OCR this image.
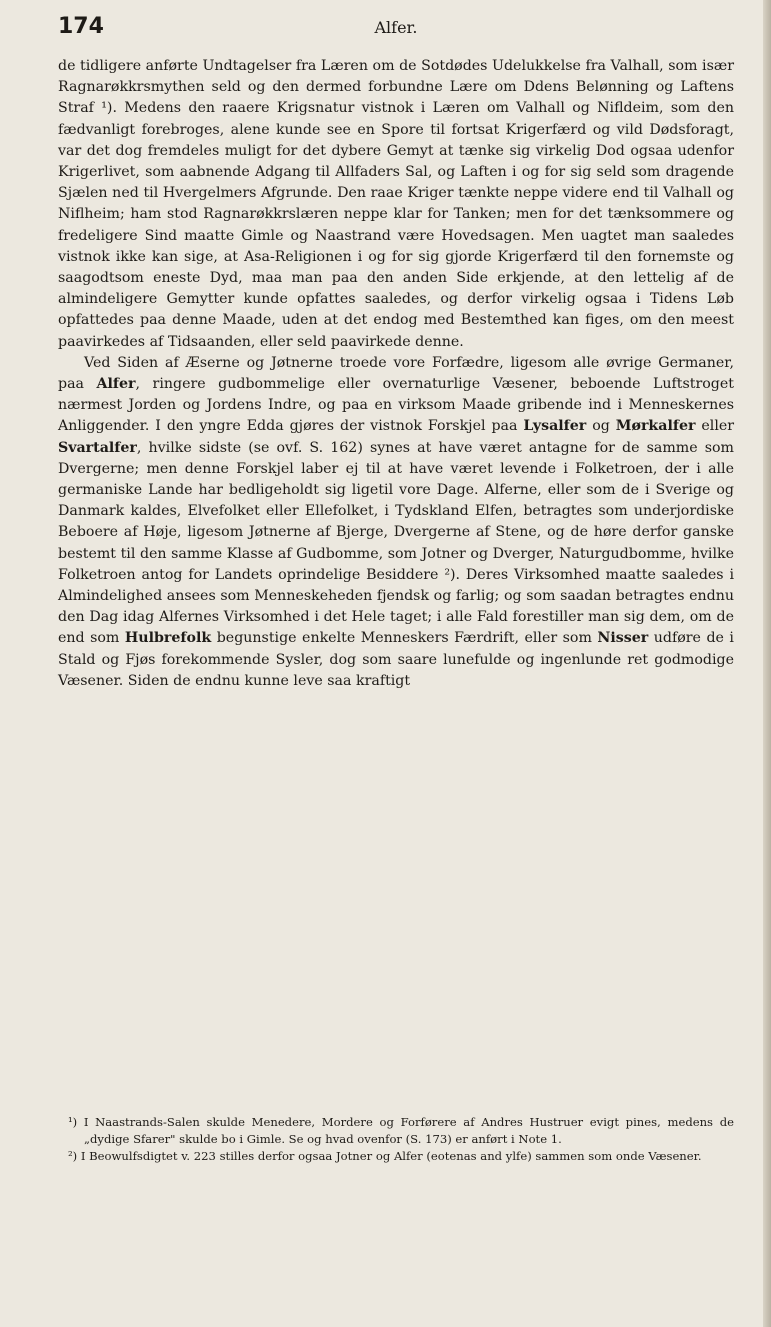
174	Alfer.

de tidligere anførte Undtagelser fra Læren om de Sotdødes Udelukkelse fra Valhall, som især Ragnarøkkrsmythen seld og den dermed forbundne Lære om Ddens Belønning og Laftens Straf ¹). Medens den raaere Krigsnatur vistnok i Læren om Valhall og Nifldeim, som den fædvanligt forebroges, alene kunde see en Spore til fortsat Krigerfærd og vild Dødsforagt, var det dog fremdeles muligt for det dybere Gemyt at tænke sig virkelig Dod ogsaa udenfor Krigerlivet, som aabnende Adgang til Allfaders Sal, og Laften i og for sig seld som dragende Sjælen ned til Hvergelmers Afgrunde. Den raae Kriger tænkte neppe videre end til Valhall og Niflheim; ham stod Ragnarøkkrslæren neppe klar for Tanken; men for det tænksommere og fredeligere Sind maatte Gimle og Naastrand være Hovedsagen. Men uagtet man saaledes vistnok ikke kan sige, at Asa-Religionen i og for sig gjorde Krigerfærd til den fornemste og saagodtsom eneste Dyd, maa man paa den anden Side erkjende, at den lettelig af de almindeligere Gemytter kunde opfattes saaledes, og derfor virkelig ogsaa i Tidens Løb opfattedes paa denne Maade, uden at det endog med Bestemthed kan figes, om den meest paavirkedes af Tidsaanden, eller seld paavirkede denne.

Ved Siden af Æserne og Jøtnerne troede vore Forfædre, ligesom alle øvrige Germaner, paa Alfer, ringere gudbommelige eller overnaturlige Væsener, beboende Luftstroget nærmest Jorden og Jordens Indre, og paa en virksom Maade gribende ind i Menneskernes Anliggender. I den yngre Edda gjøres der vistnok Forskjel paa Lysalfer og Mørkalfer eller Svartalfer, hvilke sidste (se ovf. S. 162) synes at have været antagne for de samme som Dvergerne; men denne Forskjel laber ej til at have været levende i Folketroen, der i alle germaniske Lande har bedligeholdt sig ligetil vore Dage. Alferne, eller som de i Sverige og Danmark kaldes, Elvefolket eller Ellefolket, i Tydskland Elfen, betragtes som underjordiske Beboere af Høje, ligesom Jøtnerne af Bjerge, Dvergerne af Stene, og de høre derfor ganske bestemt til den samme Klasse af Gudbomme, som Jotner og Dverger, Naturgudbomme, hvilke Folketroen antog for Landets oprindelige Besiddere ²). Deres Virksomhed maatte saaledes i Almindelighed ansees som Menneskeheden fjendsk og farlig; og som saadan betragtes endnu den Dag idag Alfernes Virksomhed i det Hele taget; i alle Fald forestiller man sig dem, om de end som Hulbrefolk begunstige enkelte Menneskers Færdrift, eller som Nisser udføre de i Stald og Fjøs forekommende Sysler, dog som saare lunefulde og ingenlunde ret godmodige Væsener. Siden de endnu kunne leve saa kraftigt

¹) I Naastrands-Salen skulde Menedere, Mordere og Forførere af Andres Hustruer evigt pines, medens de „dydige Sfarer" skulde bo i Gimle. Se og hvad ovenfor (S. 173) er anført i Note 1.

²) I Beowulfsdigtet v. 223 stilles derfor ogsaa Jotner og Alfer (eotenas and ylfe) sammen som onde Væsener.
